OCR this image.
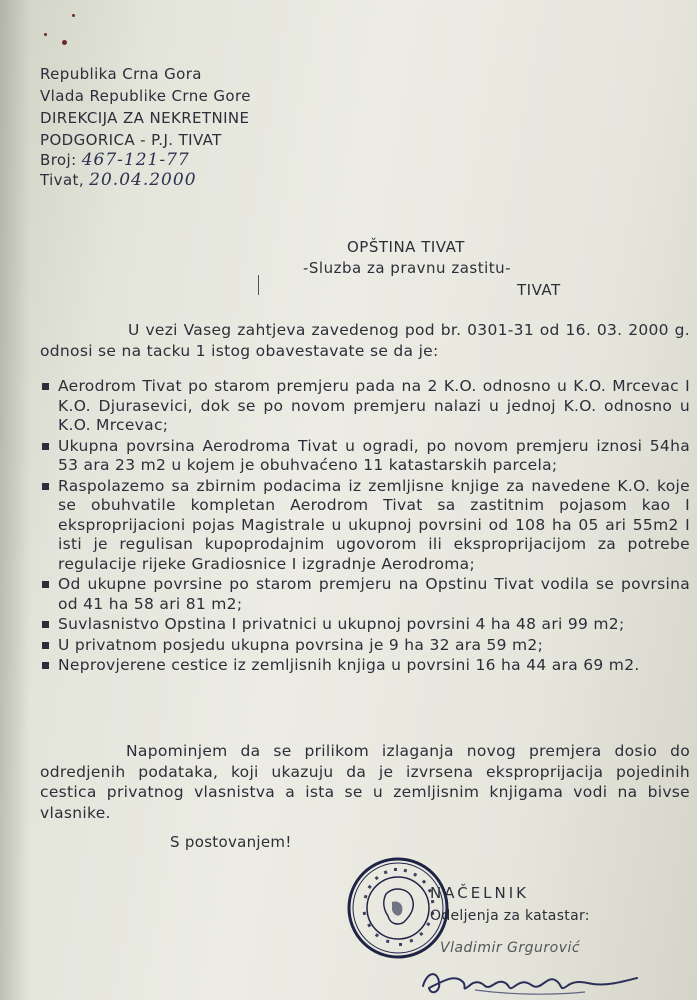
Republika Crna Gora
Vlada Republike Crne Gore
DIREKCIJA ZA NEKRETNINE
PODGORICA - P.J. TIVAT
Broj: 467-121-77
Tivat, 20.04.2000
OPŠTINA TIVAT
-Sluzba za pravnu zastitu-
TIVAT
U vezi Vaseg zahtjeva zavedenog pod br. 0301-31 od 16. 03. 2000 g. odnosi se na tacku 1 istog obavestavate se da je:
Aerodrom Tivat po starom premjeru pada na 2 K.O. odnosno u K.O. Mrcevac I K.O. Djurasevici, dok se po novom premjeru nalazi u jednoj K.O. odnosno u K.O. Mrcevac;
Ukupna povrsina Aerodroma Tivat u ogradi, po novom premjeru iznosi 54ha 53 ara 23 m2 u kojem je obuhvaćeno 11 katastarskih parcela;
Raspolazemo sa zbirnim podacima iz zemljisne knjige za navedene K.O. koje se obuhvatile kompletan Aerodrom Tivat sa zastitnim pojasom kao I eksproprijacioni pojas Magistrale u ukupnoj povrsini od 108 ha 05 ari 55m2 I isti je regulisan kupoprodajnim ugovorom ili eksproprijacijom za potrebe regulacije rijeke Gradiosnice I izgradnje Aerodroma;
Od ukupne povrsine po starom premjeru na Opstinu Tivat vodila se povrsina od 41 ha 58 ari 81 m2;
Suvlasnistvo Opstina I privatnici u ukupnoj povrsini 4 ha 48 ari 99 m2;
U privatnom posjedu ukupna povrsina je 9 ha 32 ara 59 m2;
Neprovjerene cestice iz zemljisnih knjiga u povrsini 16 ha 44 ara 69 m2.
Napominjem da se prilikom izlaganja novog premjera dosio do odredjenih podataka, koji ukazuju da je izvrsena eksproprijacija pojedinih cestica privatnog vlasnistva a ista se u zemljisnim knjigama vodi na bivse vlasnike.
S postovanjem!
NAČELNIK
Odeljenja za katastar:
Vladimir Grgurović
